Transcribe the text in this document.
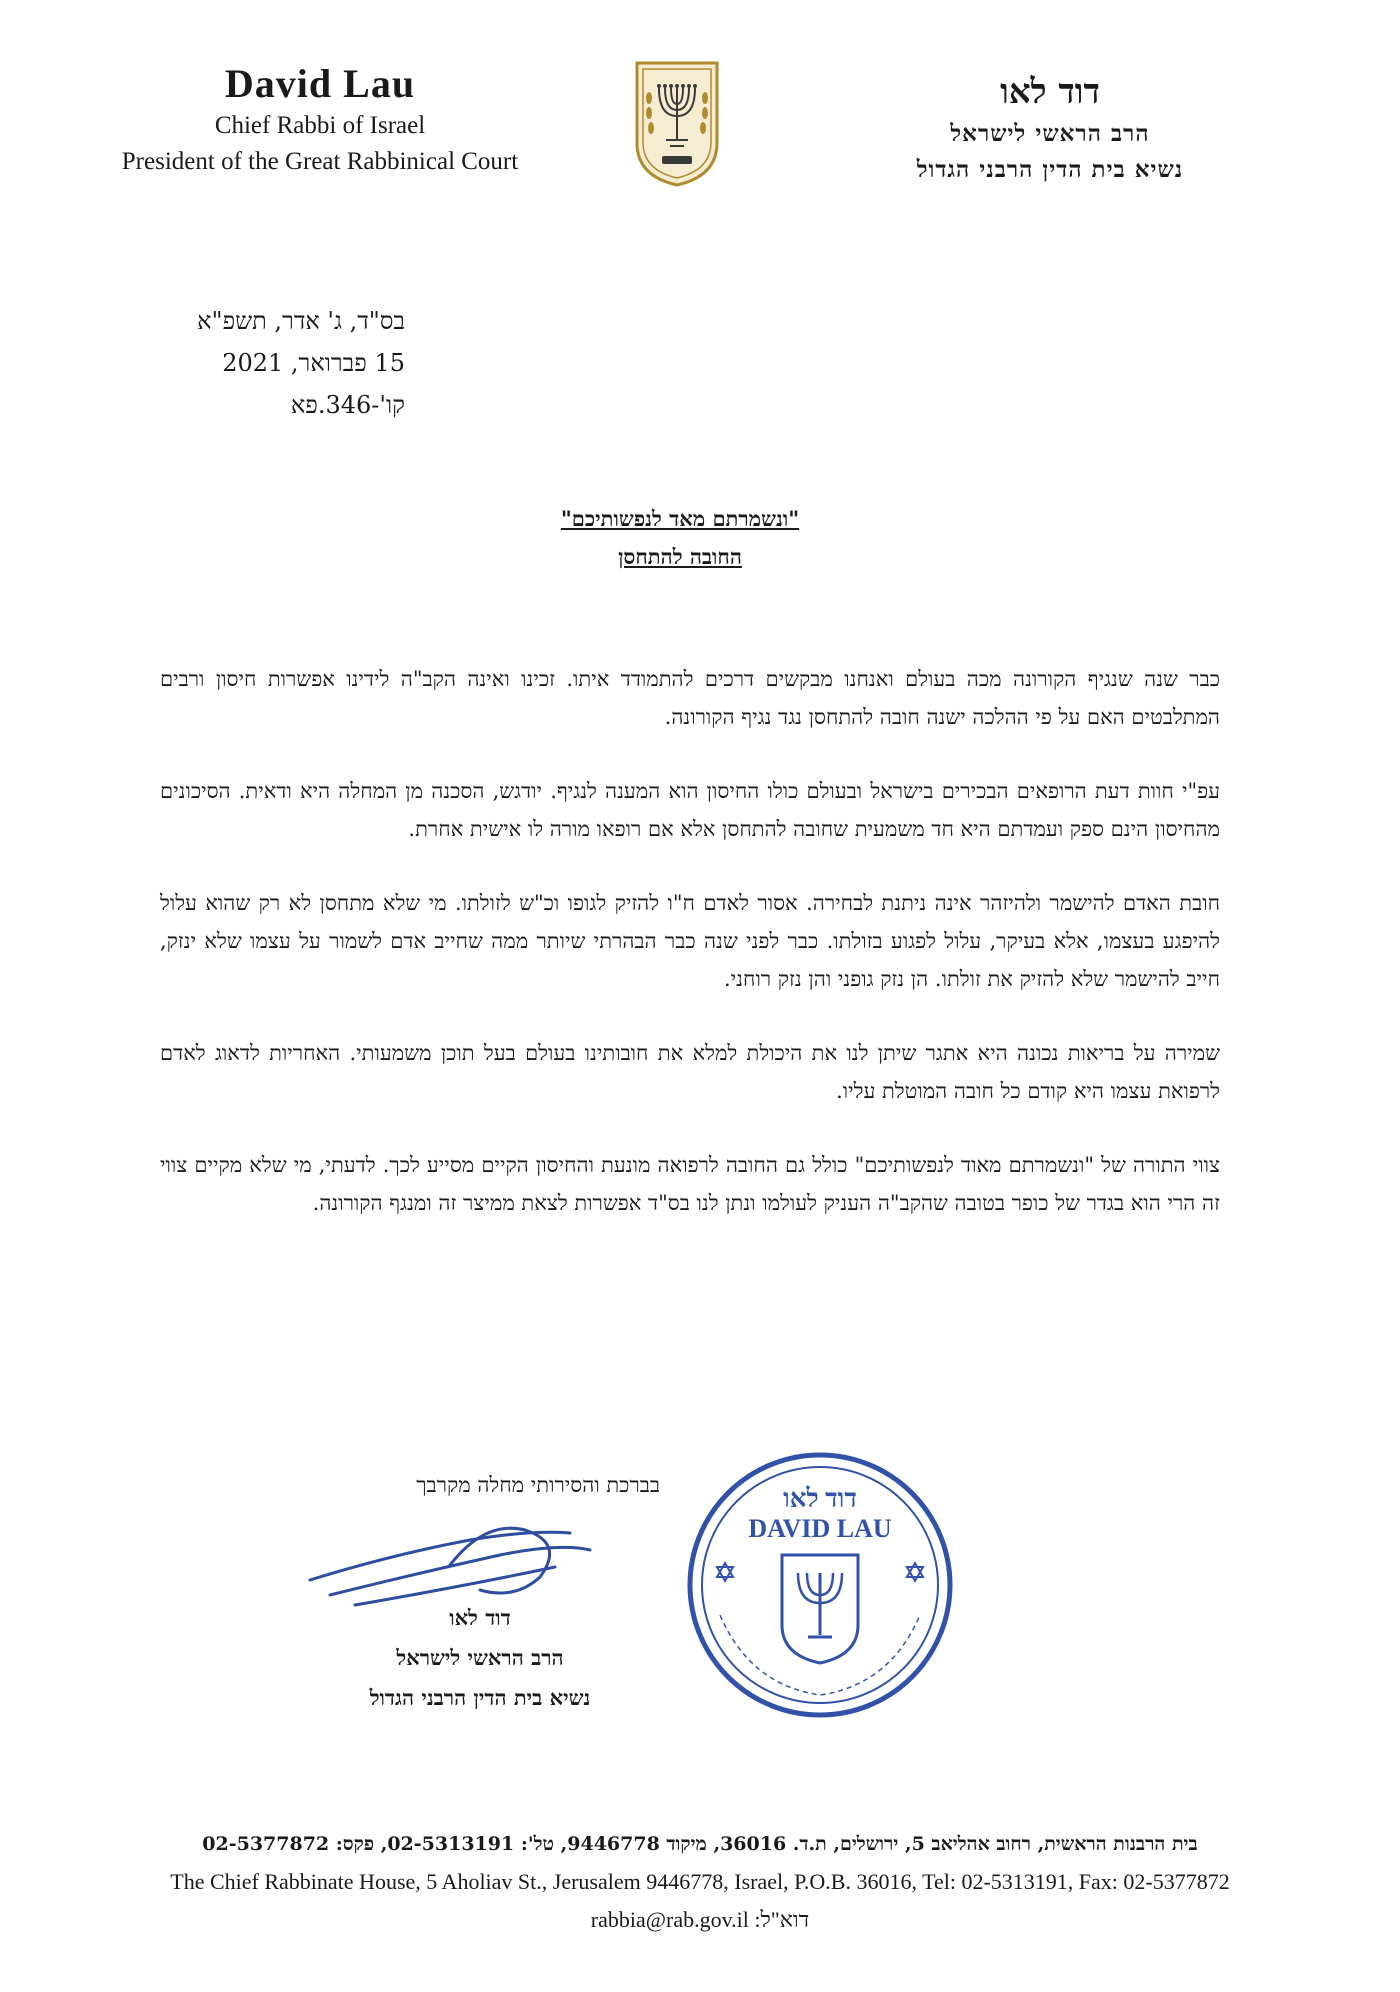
David Lau
Chief Rabbi of Israel
President of the Great Rabbinical Court
דוד לאו
הרב הראשי לישראל
נשיא בית הדין הרבני הגדול
בס"ד, ג' אדר, תשפ"א
15 פברואר, 2021
קו'-346.פא
"ונשמרתם מאד לנפשותיכם"
החובה להתחסן

כבר שנה שנגיף הקורונה מכה בעולם ואנחנו מבקשים דרכים להתמודד איתו. זכינו ואינה הקב"ה לידינו אפשרות חיסון ורבים המתלבטים האם על פי ההלכה ישנה חובה להתחסן נגד נגיף הקורונה.

עפ"י חוות דעת הרופאים הבכירים בישראל ובעולם כולו החיסון הוא המענה לנגיף. יודגש, הסכנה מן המחלה היא ודאית. הסיכונים מהחיסון הינם ספק ועמדתם היא חד משמעית שחובה להתחסן אלא אם רופאו מורה לו אישית אחרת.

חובת האדם להישמר ולהיזהר אינה ניתנת לבחירה. אסור לאדם ח"ו להזיק לגופו וכ"ש לזולתו. מי שלא מתחסן לא רק שהוא עלול להיפגע בעצמו, אלא בעיקר, עלול לפגוע בזולתו. כבר לפני שנה כבר הבהרתי שיותר ממה שחייב אדם לשמור על עצמו שלא ינזק, חייב להישמר שלא להזיק את זולתו. הן נזק גופני והן נזק רוחני.

שמירה על בריאות נכונה היא אתגר שיתן לנו את היכולת למלא את חובותינו בעולם בעל תוכן משמעותי. האחריות לדאוג לאדם לרפואת עצמו היא קודם כל חובה המוטלת עליו.

צווי התורה של "ונשמרתם מאוד לנפשותיכם" כולל גם החובה לרפואה מונעת והחיסון הקיים מסייע לכך. לדעתי, מי שלא מקיים צווי זה הרי הוא בגדר של כופר בטובה שהקב"ה העניק לעולמו ונתן לנו בס"ד אפשרות לצאת ממיצר זה ומנגף הקורונה.

בברכת והסירותי מחלה מקרבך
דוד לאו
הרב הראשי לישראל
נשיא בית הדין הרבני הגדול
דוד לאו
DAVID LAU
בית הרבנות הראשית, רחוב אהליאב 5, ירושלים, ת.ד. 36016, מיקוד 9446778, טל': 02-5313191, פקס: 02-5377872
The Chief Rabbinate House, 5 Aholiav St., Jerusalem 9446778, Israel, P.O.B. 36016, Tel: 02-5313191, Fax: 02-5377872
דוא"ל: rabbia@rab.gov.il
